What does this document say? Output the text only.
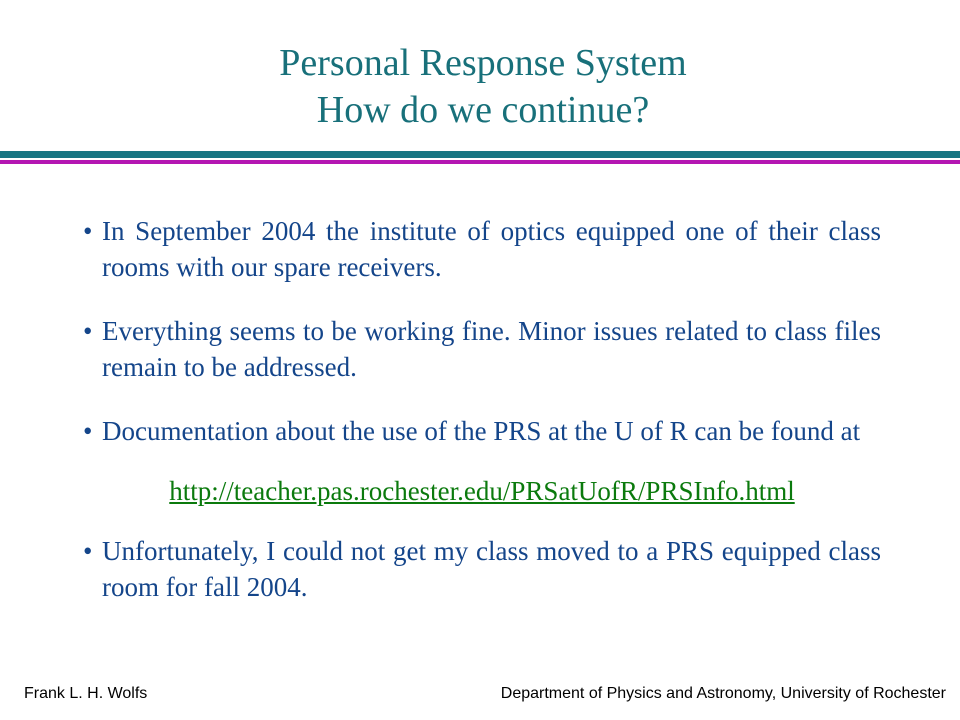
Personal Response System
How do we continue?
• In September 2004 the institute of optics equipped one of their class rooms with our spare receivers.
• Everything seems to be working fine. Minor issues related to class files remain to be addressed.
• Documentation about the use of the PRS at the U of R can be found at
http://teacher.pas.rochester.edu/PRSatUofR/PRSInfo.html
• Unfortunately, I could not get my class moved to a PRS equipped class room for fall 2004.
Frank L. H. Wolfs	Department of Physics and Astronomy, University of Rochester
